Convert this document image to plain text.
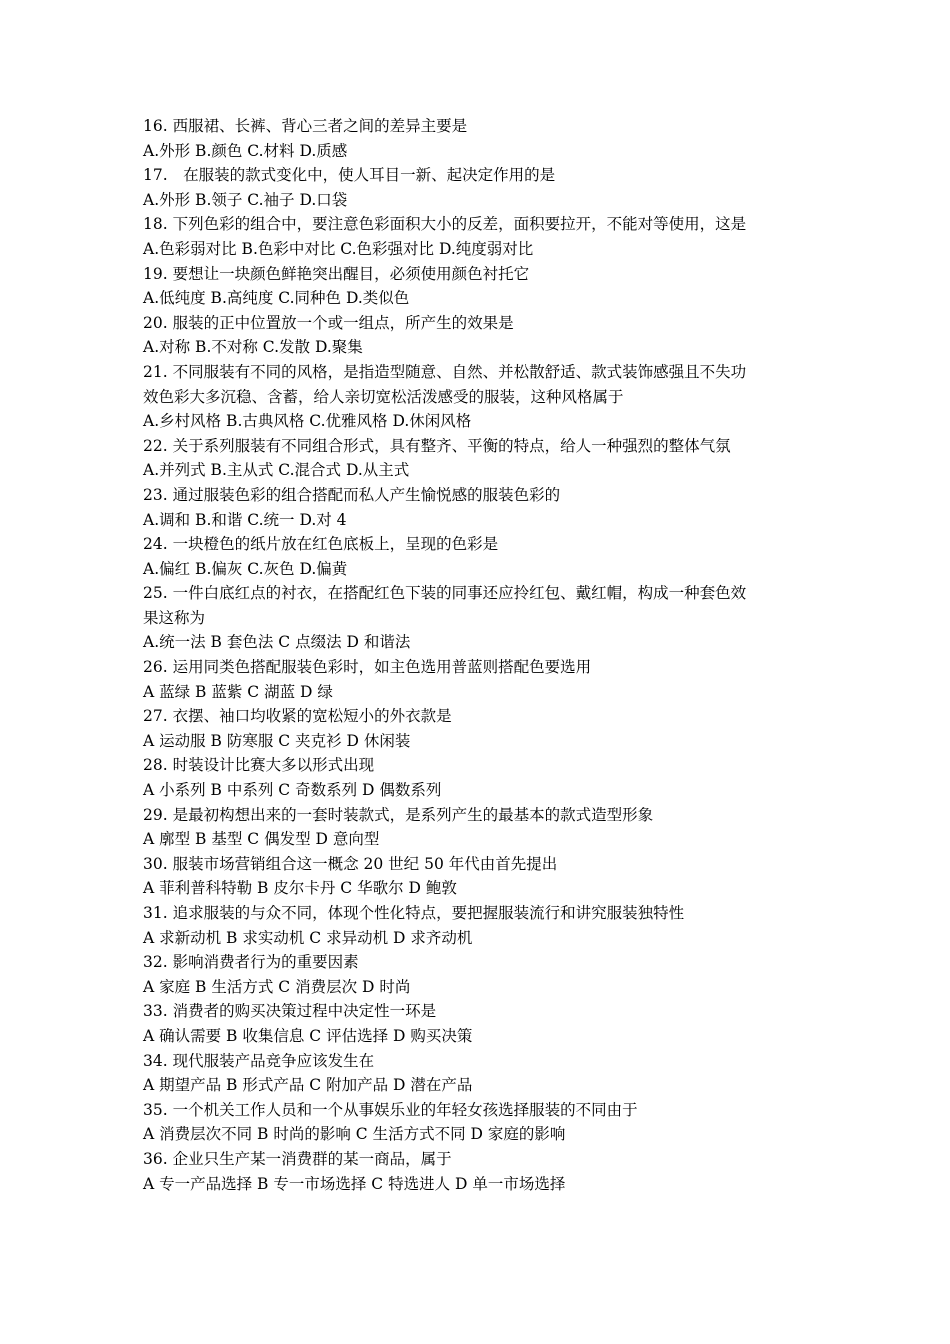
16. 西服裙、长裤、背心三者之间的差异主要是
A.外形 B.颜色 C.材料 D.质感
17.　在服装的款式变化中，使人耳目一新、起决定作用的是
A.外形 B.领子 C.袖子 D.口袋
18. 下列色彩的组合中，要注意色彩面积大小的反差，面积要拉开，不能对等使用，这是
A.色彩弱对比 B.色彩中对比 C.色彩强对比 D.纯度弱对比
19. 要想让一块颜色鲜艳突出醒目，必须使用颜色衬托它
A.低纯度 B.高纯度 C.同种色 D.类似色
20. 服装的正中位置放一个或一组点，所产生的效果是
A.对称 B.不对称 C.发散 D.聚集
21. 不同服装有不同的风格，是指造型随意、自然、并松散舒适、款式装饰感强且不失功
效色彩大多沉稳、含蓄，给人亲切宽松活泼感受的服装，这种风格属于
A.乡村风格 B.古典风格 C.优雅风格 D.休闲风格
22. 关于系列服装有不同组合形式，具有整齐、平衡的特点，给人一种强烈的整体气氛
A.并列式 B.主从式 C.混合式 D.从主式
23. 通过服装色彩的组合搭配而私人产生愉悦感的服装色彩的
A.调和 B.和谐 C.统一 D.对 4
24. 一块橙色的纸片放在红色底板上，呈现的色彩是
A.偏红 B.偏灰 C.灰色 D.偏黄
25. 一件白底红点的衬衣，在搭配红色下装的同事还应拎红包、戴红帽，构成一种套色效
果这称为
A.统一法 B 套色法 C 点缀法 D 和谐法
26. 运用同类色搭配服装色彩时，如主色选用普蓝则搭配色要选用
A 蓝绿 B 蓝紫 C 湖蓝 D 绿
27. 衣摆、袖口均收紧的宽松短小的外衣款是
A 运动服 B 防寒服 C 夹克衫 D 休闲装
28. 时装设计比赛大多以形式出现
A 小系列 B 中系列 C 奇数系列 D 偶数系列
29. 是最初构想出来的一套时装款式，是系列产生的最基本的款式造型形象
A 廓型 B 基型 C 偶发型 D 意向型
30. 服装市场营销组合这一概念 20 世纪 50 年代由首先提出
A 菲利普科特勒 B 皮尔卡丹 C 华歌尔 D 鲍敦
31. 追求服装的与众不同，体现个性化特点，要把握服装流行和讲究服装独特性
A 求新动机 B 求实动机 C 求异动机 D 求齐动机
32. 影响消费者行为的重要因素
A 家庭 B 生活方式 C 消费层次 D 时尚
33. 消费者的购买决策过程中决定性一环是
A 确认需要 B 收集信息 C 评估选择 D 购买决策
34. 现代服装产品竞争应该发生在
A 期望产品 B 形式产品 C 附加产品 D 潜在产品
35. 一个机关工作人员和一个从事娱乐业的年轻女孩选择服装的不同由于
A 消费层次不同 B 时尚的影响 C 生活方式不同 D 家庭的影响
36. 企业只生产某一消费群的某一商品，属于
A 专一产品选择 B 专一市场选择 C 特选进人 D 单一市场选择
